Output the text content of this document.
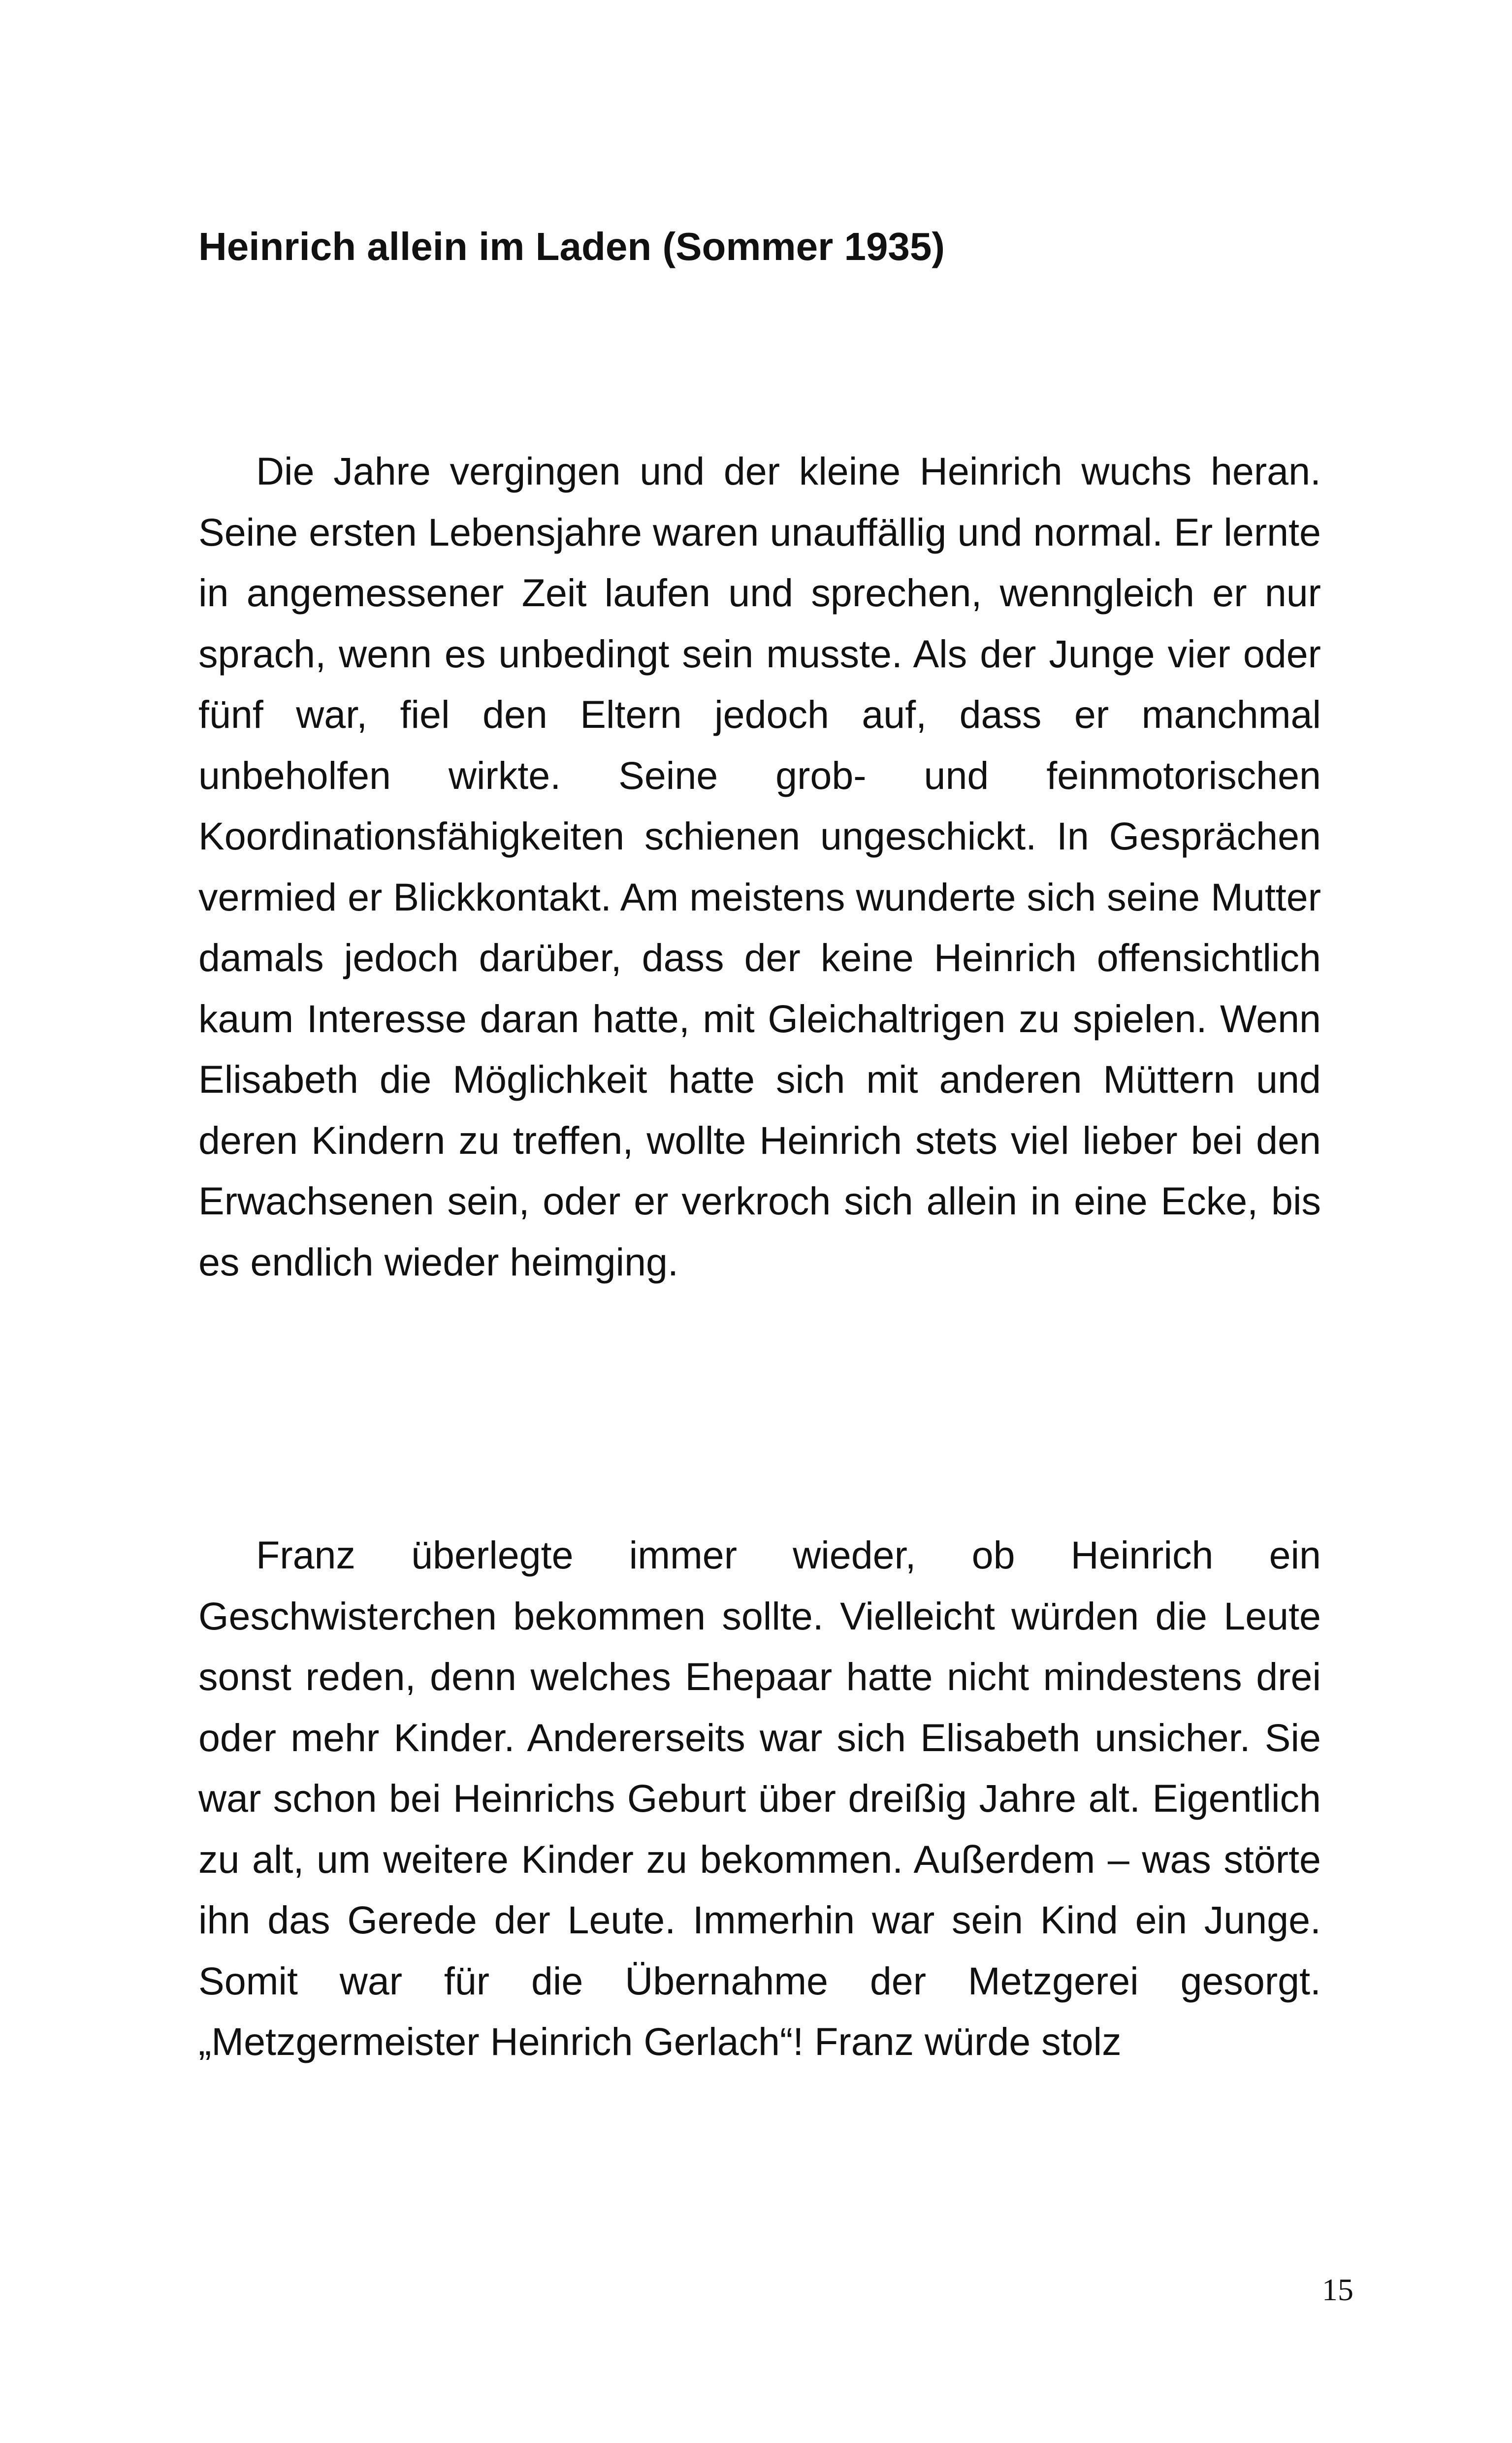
Heinrich allein im Laden (Sommer 1935)

Die Jahre vergingen und der kleine Heinrich wuchs heran. Seine ersten Lebensjahre waren unauffällig und normal. Er lernte in angemessener Zeit laufen und sprechen, wenngleich er nur sprach, wenn es unbedingt sein musste. Als der Junge vier oder fünf war, fiel den Eltern jedoch auf, dass er manchmal unbeholfen wirkte. Seine grob- und feinmotorischen Koordinationsfähigkeiten schienen ungeschickt. In Gesprächen vermied er Blickkontakt. Am meistens wunderte sich seine Mutter damals jedoch darüber, dass der keine Heinrich offensichtlich kaum Interesse daran hatte, mit Gleichaltrigen zu spielen. Wenn Elisabeth die Möglichkeit hatte sich mit anderen Müttern und deren Kindern zu treffen, wollte Heinrich stets viel lieber bei den Erwachsenen sein, oder er verkroch sich allein in eine Ecke, bis es endlich wieder heimging.

Franz überlegte immer wieder, ob Heinrich ein Geschwisterchen bekommen sollte. Vielleicht würden die Leute sonst reden, denn welches Ehepaar hatte nicht mindestens drei oder mehr Kinder. Andererseits war sich Elisabeth unsicher. Sie war schon bei Heinrichs Geburt über dreißig Jahre alt. Eigentlich zu alt, um weitere Kinder zu bekommen. Außerdem – was störte ihn das Gerede der Leute. Immerhin war sein Kind ein Junge. Somit war für die Übernahme der Metzgerei gesorgt. „Metzgermeister Heinrich Gerlach“! Franz würde stolz

15
